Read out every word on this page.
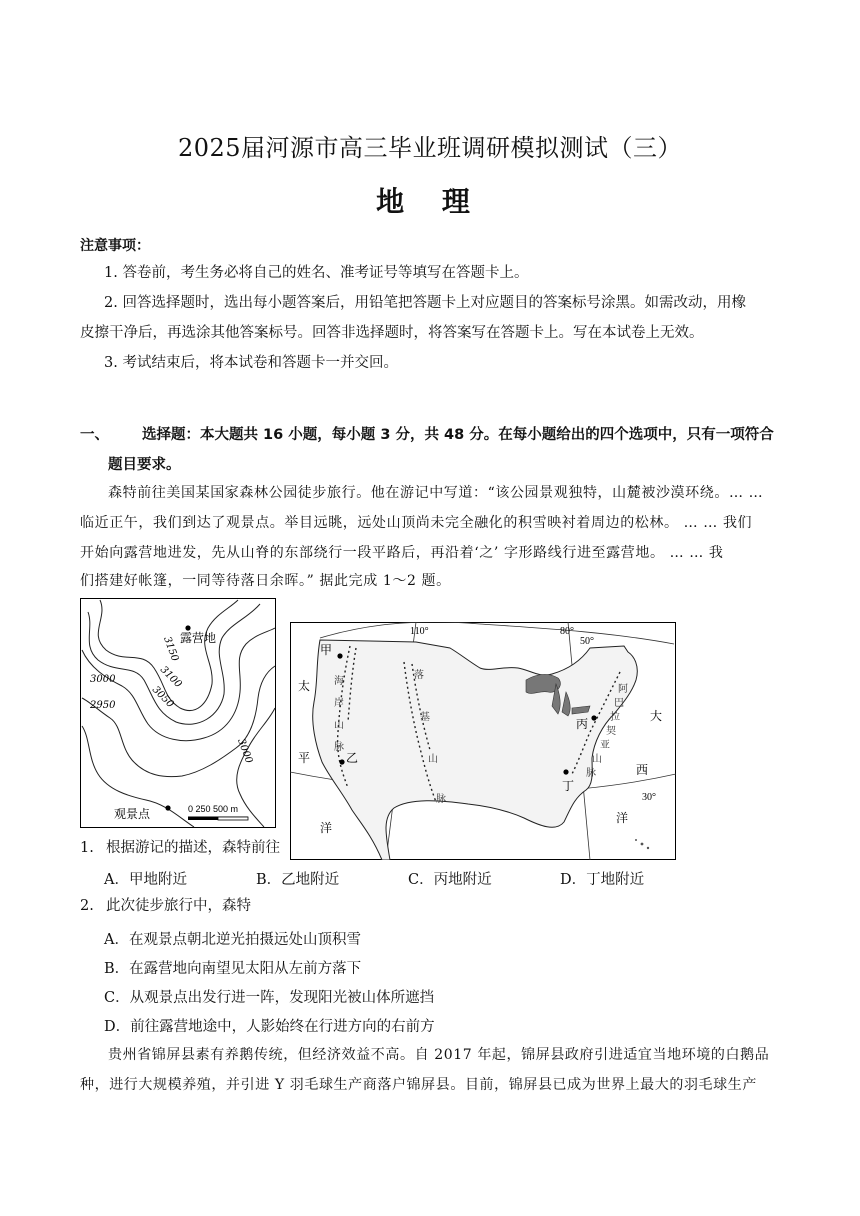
2025届河源市高三毕业班调研模拟测试（三）
地 理
注意事项：
1. 答卷前，考生务必将自己的姓名、准考证号等填写在答题卡上。
2. 回答选择题时，选出每小题答案后，用铅笔把答题卡上对应题目的答案标号涂黑。如需改动，用橡
皮擦干净后，再选涂其他答案标号。回答非选择题时，将答案写在答题卡上。写在本试卷上无效。
3. 考试结束后，将本试卷和答题卡一并交回。
一、 选择题：本大题共 16 小题，每小题 3 分，共 48 分。在每小题给出的四个选项中，只有一项符合
题目要求。
森特前往美国某国家森林公园徒步旅行。他在游记中写道：“该公园景观独特，山麓被沙漠环绕。… …
临近正午，我们到达了观景点。举目远眺，远处山顶尚未完全融化的积雪映衬着周边的松林。 … … 我们
开始向露营地进发，先从山脊的东部绕行一段平路后，再沿着‘之’ 字形路线行进至露营地。 … … 我
们搭建好帐篷，一同等待落日余晖。” 据此完成 1～2 题。
露营地
观景点
3150
3100
3050
3000
2950
3000
0 250 500 m
110°	80°
50°
30°
甲
乙
丙
丁
太
平
洋
大
西
洋
海
岸
山
脉
落
基
山
脉
阿
巴
拉
契
亚
山
脉
1. 根据游记的描述，森特前往
A．甲地附近	B．乙地附近	C．丙地附近	D．丁地附近
2. 此次徒步旅行中，森特
A．在观景点朝北逆光拍摄远处山顶积雪
B．在露营地向南望见太阳从左前方落下
C．从观景点出发行进一阵，发现阳光被山体所遮挡
D．前往露营地途中，人影始终在行进方向的右前方
贵州省锦屏县素有养鹅传统，但经济效益不高。自 2017 年起，锦屏县政府引进适宜当地环境的白鹅品
种，进行大规模养殖，并引进 Y 羽毛球生产商落户锦屏县。目前，锦屏县已成为世界上最大的羽毛球生产
